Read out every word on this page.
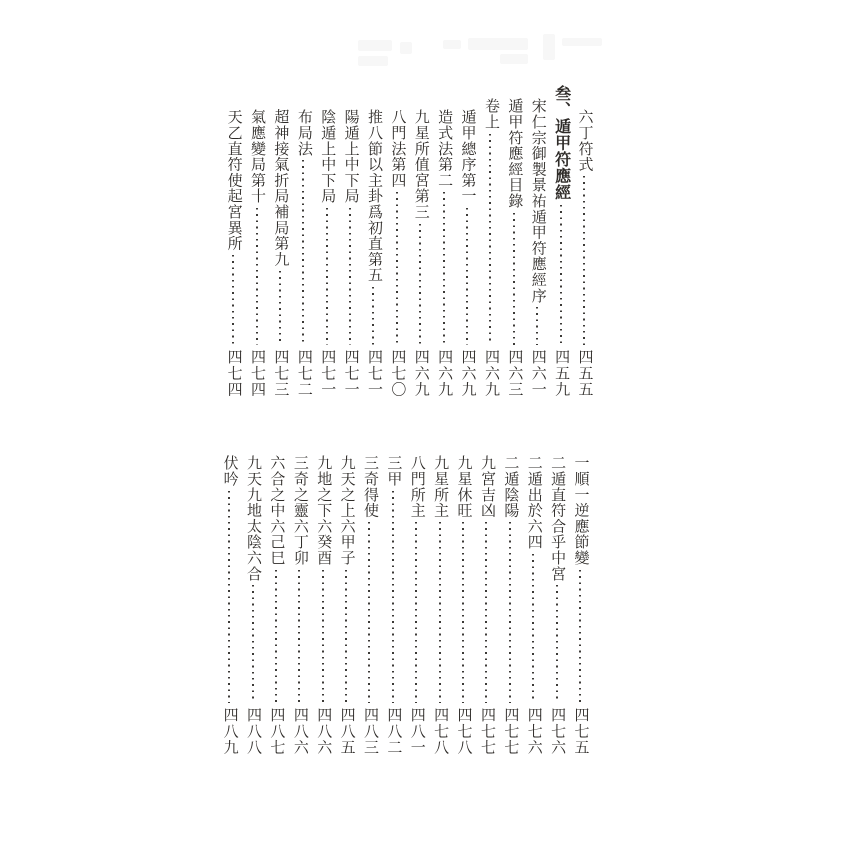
六丁符式
四五五
叁、遁甲符應經
四五九
宋仁宗御製景祐遁甲符應經序
四六一
遁甲符應經目錄
四六三
卷上
四六九
遁甲總序第一
四六九
造式法第二
四六九
九星所值宮第三
四六九
八門法第四
四七〇
推八節以主卦爲初直第五
四七一
陽遁上中下局
四七一
陰遁上中下局
四七一
布局法
四七二
超神接氣折局補局第九
四七三
氣應變局第十
四七四
天乙直符使起宮異所
四七四
一順一逆應節變
四七五
二遁直符合乎中宮
四七六
二遁出於六四
四七六
二遁陰陽
四七七
九宮吉凶
四七七
九星休旺
四七八
九星所主
四七八
八門所主
四八一
三甲
四八二
三奇得使
四八三
九天之上六甲子
四八五
九地之下六癸酉
四八六
三奇之靈六丁卯
四八六
六合之中六己巳
四八七
九天九地太陰六合
四八八
伏吟
四八九
